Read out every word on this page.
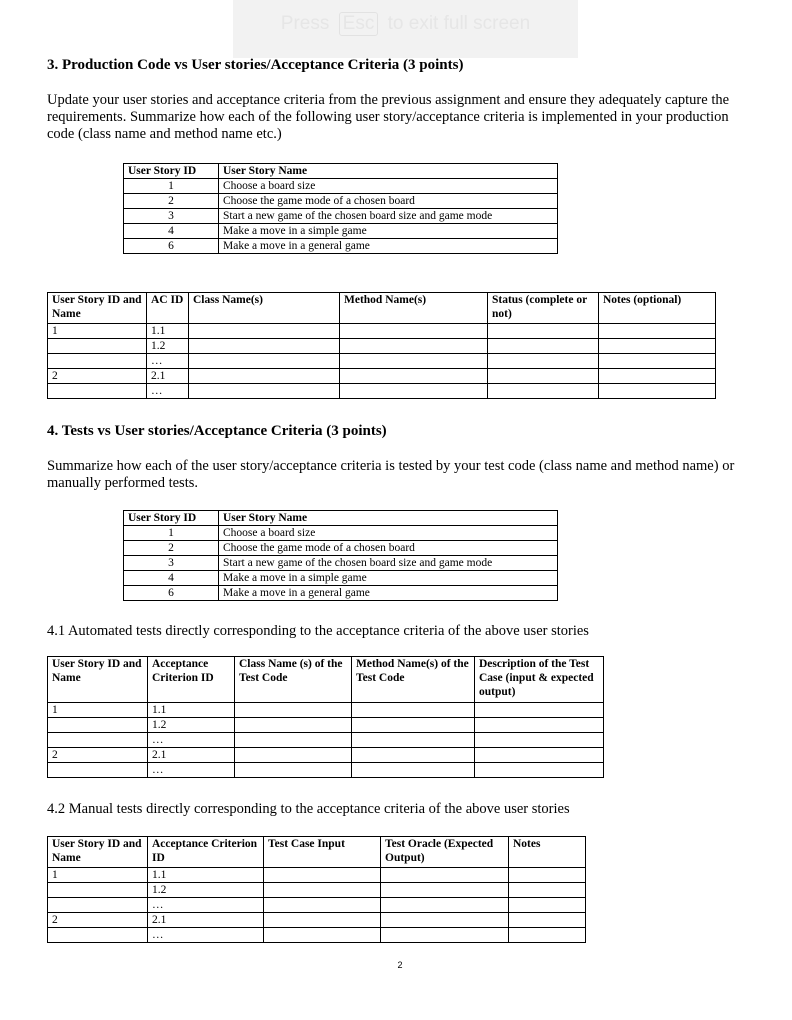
Press Esc to exit full screen
3. Production Code vs User stories/Acceptance Criteria (3 points)

Update your user stories and acceptance criteria from the previous assignment and ensure they adequately capture the requirements. Summarize how each of the following user story/acceptance criteria is implemented in your production code (class name and method name etc.)

User Story ID	User Story Name
1	Choose a board size
2	Choose the game mode of a chosen board
3	Start a new game of the chosen board size and game mode
4	Make a move in a simple game
6	Make a move in a general game
User Story ID and Name	AC ID	Class Name(s)	Method Name(s)	Status (complete or not)	Notes (optional)
1	1.1				
	1.2				
	…				
2	2.1				
	…				
4. Tests vs User stories/Acceptance Criteria (3 points)

Summarize how each of the user story/acceptance criteria is tested by your test code (class name and method name) or manually performed tests.

User Story ID	User Story Name
1	Choose a board size
2	Choose the game mode of a chosen board
3	Start a new game of the chosen board size and game mode
4	Make a move in a simple game
6	Make a move in a general game

4.1 Automated tests directly corresponding to the acceptance criteria of the above user stories

User Story ID and Name	Acceptance Criterion ID	Class Name (s) of the Test Code	Method Name(s) of the Test Code	Description of the Test Case (input & expected output)
1	1.1			
	1.2			
	…			
2	2.1			
	…			

4.2 Manual tests directly corresponding to the acceptance criteria of the above user stories

User Story ID and Name	Acceptance Criterion ID	Test Case Input	Test Oracle (Expected Output)	Notes
1	1.1			
	1.2			
	…			
2	2.1			
	…			
2
